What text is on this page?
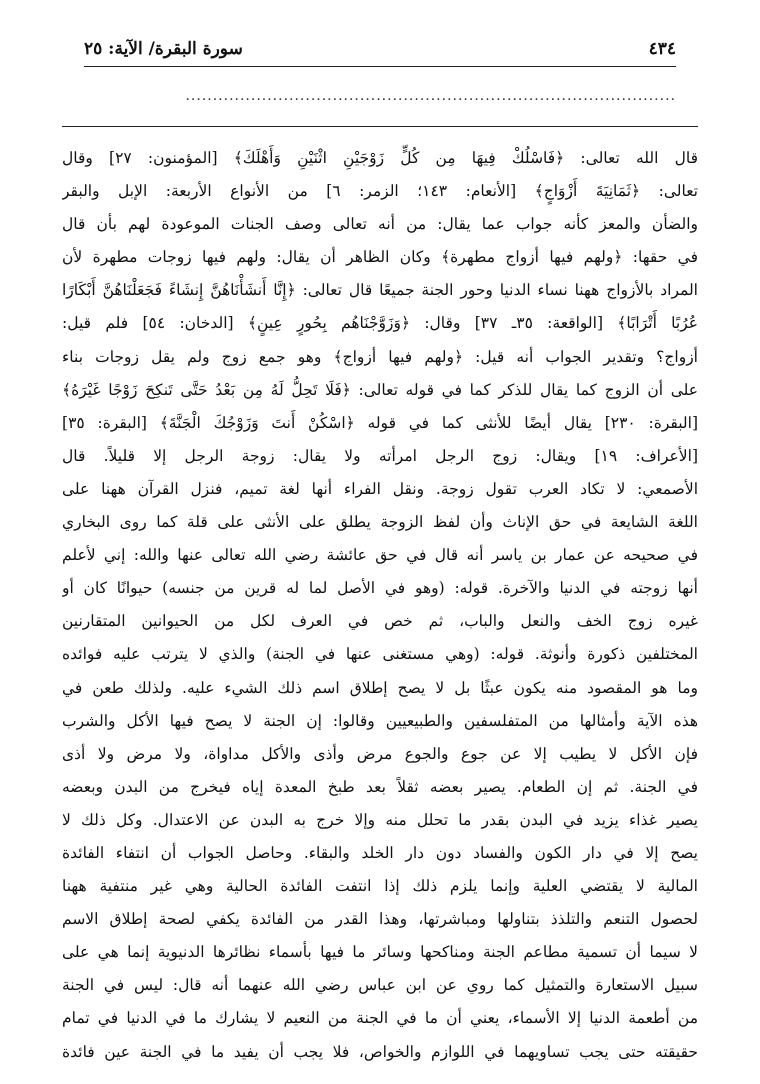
٤٣٤
سورة البقرة/ الآية: ٢٥
..........................................................................................
قال الله تعالى: ﴿فَاسْلُكْ فِيهَا مِن كُلٍّ زَوْجَيْنِ اثْنَيْنِ وَأَهْلَكَ﴾ [المؤمنون: ٢٧] وقال
تعالى: ﴿ثَمَانِيَةَ أَزْوَاجٍ﴾ [الأنعام: ١٤٣؛ الزمر: ٦] من الأنواع الأربعة: الإبل والبقر
والضأن والمعز كأنه جواب عما يقال: من أنه تعالى وصف الجنات الموعودة لهم بأن قال
في حقها: ﴿ولهم فيها أزواج مطهرة﴾ وكان الظاهر أن يقال: ولهم فيها زوجات مطهرة لأن
المراد بالأزواج ههنا نساء الدنيا وحور الجنة جميعًا قال تعالى: ﴿إِنَّا أَنشَأْنَاهُنَّ إِنشَاءً فَجَعَلْنَاهُنَّ أَبْكَارًا
عُرُبًا أَتْرَابًا﴾ [الواقعة: ٣٥ـ ٣٧] وقال: ﴿وَزَوَّجْنَاهُم بِحُورٍ عِينٍ﴾ [الدخان: ٥٤] فلم قيل:
أزواج؟ وتقدير الجواب أنه قيل: ﴿ولهم فيها أزواج﴾ وهو جمع زوج ولم يقل زوجات بناء
على أن الزوج كما يقال للذكر كما في قوله تعالى: ﴿فَلَا تَحِلُّ لَهُ مِن بَعْدُ حَتَّى تَنكِحَ زَوْجًا غَيْرَهُ﴾
[البقرة: ٢٣٠] يقال أيضًا للأنثى كما في قوله ﴿اسْكُنْ أَنتَ وَزَوْجُكَ الْجَنَّةَ﴾ [البقرة: ٣٥]
[الأعراف: ١٩] ويقال: زوج الرجل امرأته ولا يقال: زوجة الرجل إلا قليلاً. قال
الأصمعي: لا تكاد العرب تقول زوجة. ونقل الفراء أنها لغة تميم، فنزل القرآن ههنا على
اللغة الشايعة في حق الإناث وأن لفظ الزوجة يطلق على الأنثى على قلة كما روى البخاري
في صحيحه عن عمار بن ياسر أنه قال في حق عائشة رضي الله تعالى عنها والله: إني لأعلم
أنها زوجته في الدنيا والآخرة. قوله: (وهو في الأصل لما له قرين من جنسه) حيوانًا كان أو
غيره زوج الخف والنعل والباب، ثم خص في العرف لكل من الحيوانين المتقارنين
المختلفين ذكورة وأنوثة. قوله: (وهي مستغنى عنها في الجنة) والذي لا يترتب عليه فوائده
وما هو المقصود منه يكون عبثًا بل لا يصح إطلاق اسم ذلك الشيء عليه. ولذلك طعن في
هذه الآية وأمثالها من المتفلسفين والطبيعيين وقالوا: إن الجنة لا يصح فيها الأكل والشرب
فإن الأكل لا يطيب إلا عن جوع والجوع مرض وأذى والأكل مداواة، ولا مرض ولا أذى
في الجنة. ثم إن الطعام. يصير بعضه ثقلاً بعد طبخ المعدة إياه فيخرج من البدن وبعضه
يصير غذاء يزيد في البدن بقدر ما تحلل منه وإلا خرج به البدن عن الاعتدال. وكل ذلك لا
يصح إلا في دار الكون والفساد دون دار الخلد والبقاء. وحاصل الجواب أن انتفاء الفائدة
المالية لا يقتضي العلية وإنما يلزم ذلك إذا انتفت الفائدة الحالية وهي غير منتفية ههنا
لحصول التنعم والتلذذ بتناولها ومباشرتها، وهذا القدر من الفائدة يكفي لصحة إطلاق الاسم
لا سيما أن تسمية مطاعم الجنة ومناكحها وسائر ما فيها بأسماء نظائرها الدنيوية إنما هي على
سبيل الاستعارة والتمثيل كما روي عن ابن عباس رضي الله عنهما أنه قال: ليس في الجنة
من أطعمة الدنيا إلا الأسماء، يعني أن ما في الجنة من النعيم لا يشارك ما في الدنيا في تمام
حقيقته حتى يجب تساويهما في اللوازم والخواص، فلا يجب أن يفيد ما في الجنة عين فائدة
